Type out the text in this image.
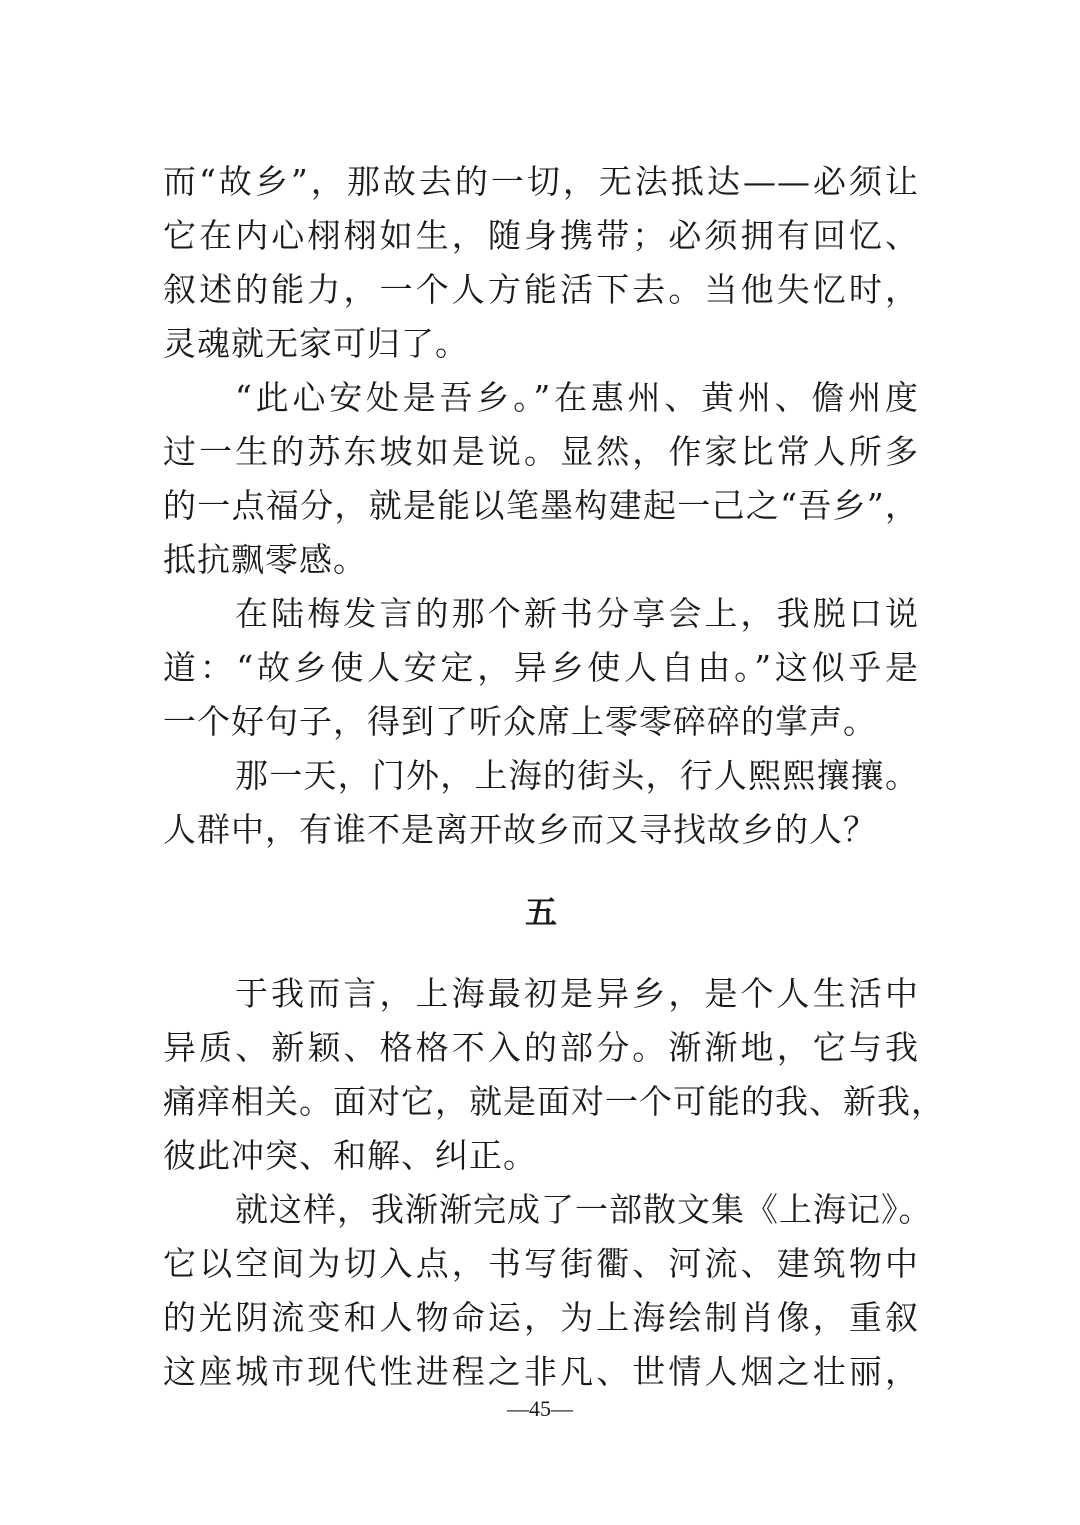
而“故乡”，那故去的一切，无法抵达——必须让
它在内心栩栩如生，随身携带；必须拥有回忆、
叙述的能力，一个人方能活下去。当他失忆时，
灵魂就无家可归了。
“此心安处是吾乡。”在惠州、黄州、儋州度
过一生的苏东坡如是说。显然，作家比常人所多
的一点福分，就是能以笔墨构建起一己之“吾乡”，
抵抗飘零感。
在陆梅发言的那个新书分享会上，我脱口说
道：“故乡使人安定，异乡使人自由。”这似乎是
一个好句子，得到了听众席上零零碎碎的掌声。
那一天，门外，上海的街头，行人熙熙攘攘。
人群中，有谁不是离开故乡而又寻找故乡的人？
五
于我而言，上海最初是异乡，是个人生活中
异质、新颖、格格不入的部分。渐渐地，它与我
痛痒相关。面对它，就是面对一个可能的我、新我，
彼此冲突、和解、纠正。
就这样，我渐渐完成了一部散文集《上海记》。
它以空间为切入点，书写街衢、河流、建筑物中
的光阴流变和人物命运，为上海绘制肖像，重叙
这座城市现代性进程之非凡、世情人烟之壮丽，
—45—
